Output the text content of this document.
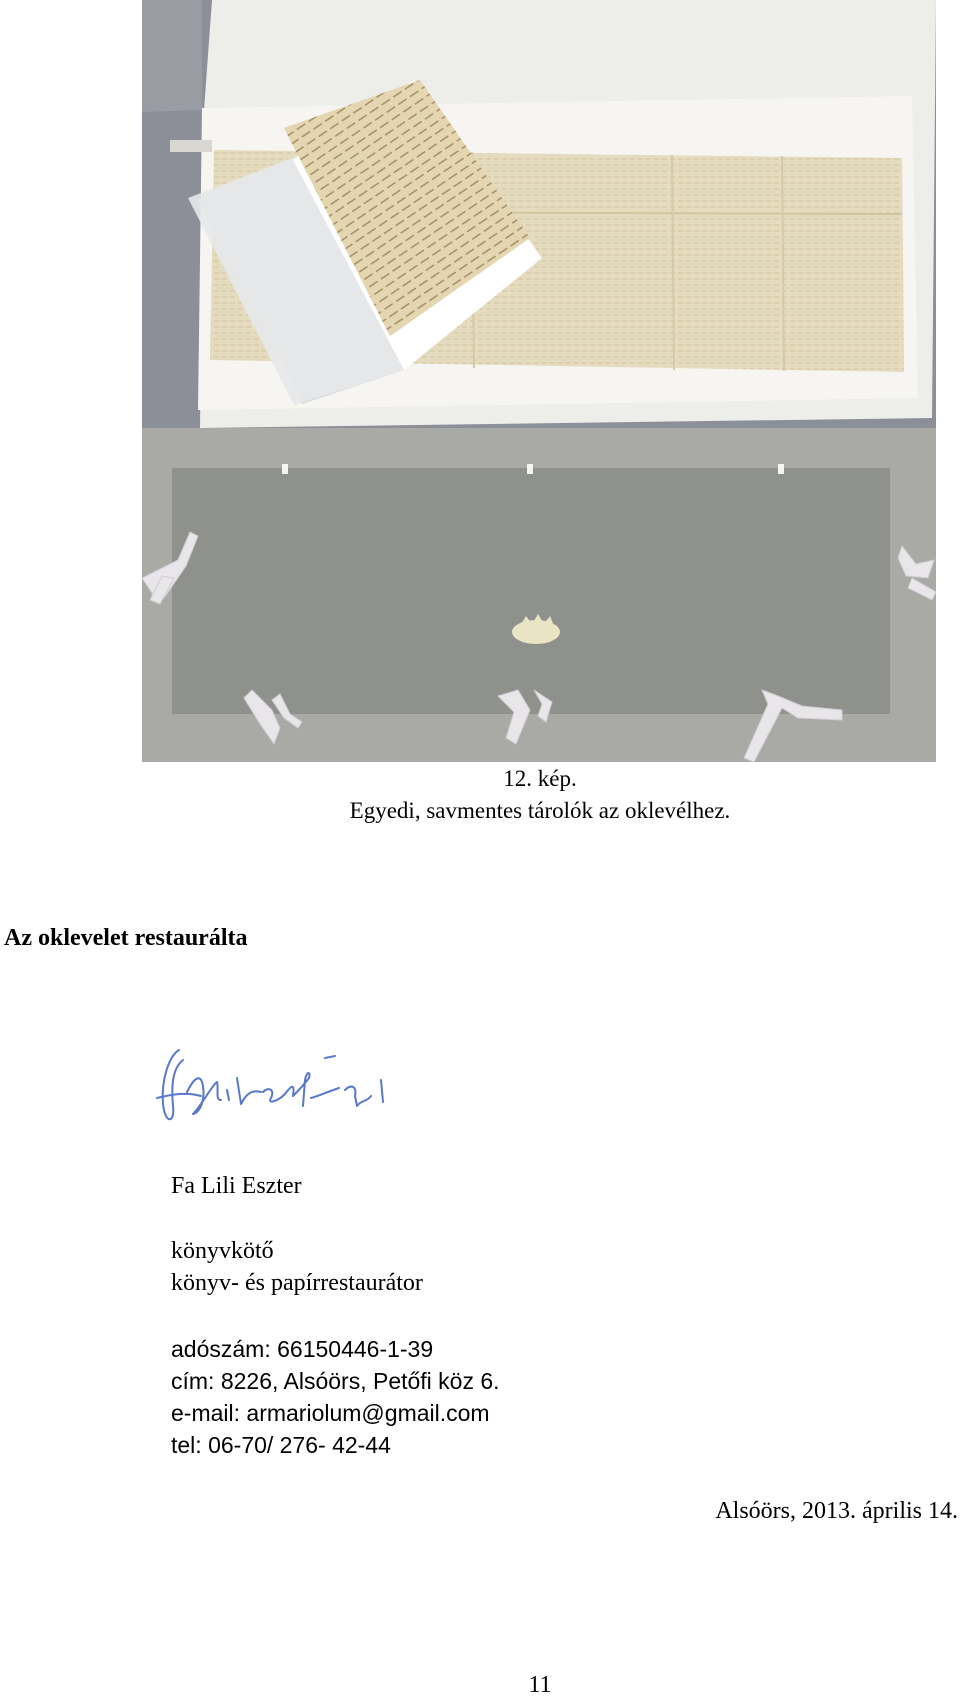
12. kép.
Egyedi, savmentes tárolók az oklevélhez.
Az oklevelet restaurálta
Fa Lili Eszter
könyvkötő
könyv- és papírrestaurátor
adószám: 66150446-1-39
cím: 8226, Alsóörs, Petőfi köz 6.
e-mail: armariolum@gmail.com
tel: 06-70/ 276- 42-44
Alsóörs, 2013. április 14.
11
